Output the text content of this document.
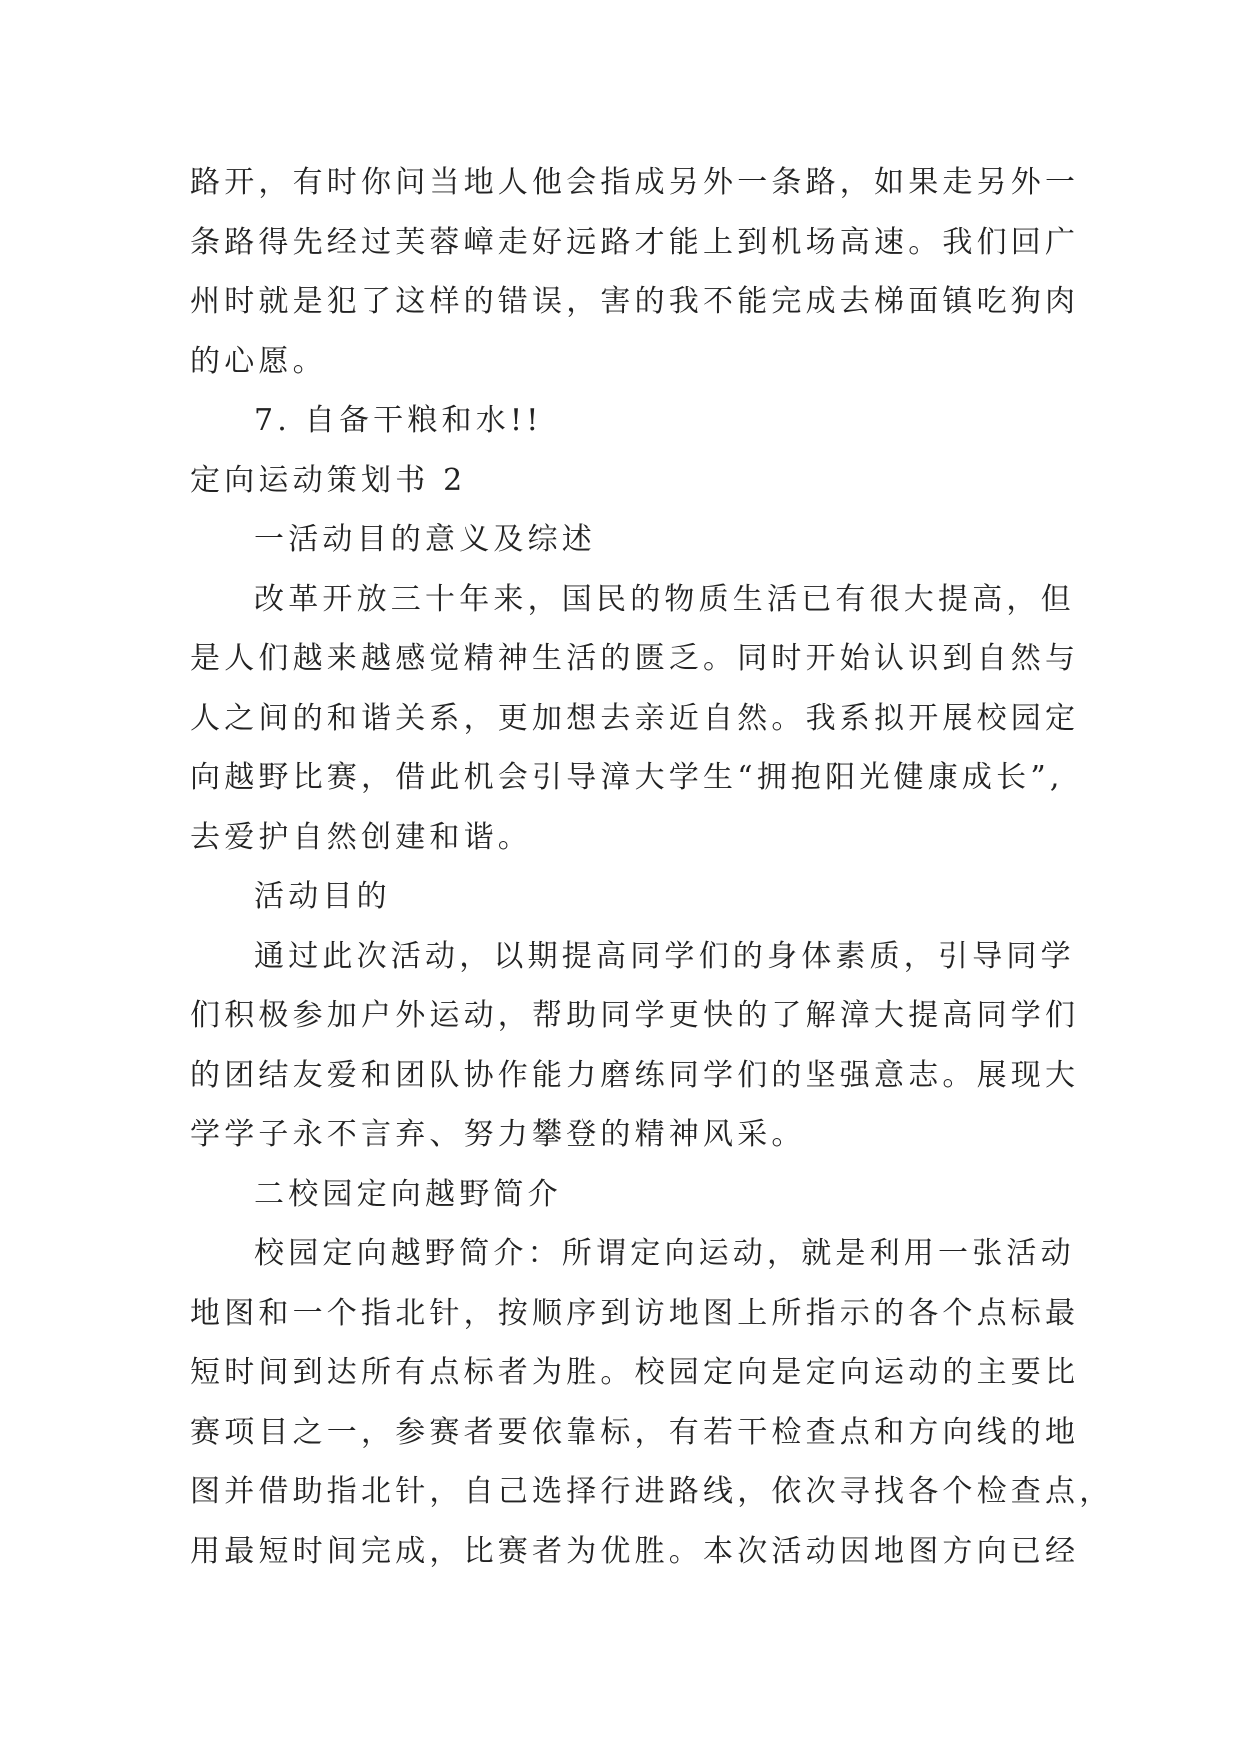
路开，有时你问当地人他会指成另外一条路，如果走另外一
条路得先经过芙蓉嶂走好远路才能上到机场高速。我们回广
州时就是犯了这样的错误，害的我不能完成去梯面镇吃狗肉
的心愿。
7. 自备干粮和水!!
定向运动策划书 2
一活动目的意义及综述
改革开放三十年来，国民的物质生活已有很大提高，但
是人们越来越感觉精神生活的匮乏。同时开始认识到自然与
人之间的和谐关系，更加想去亲近自然。我系拟开展校园定
向越野比赛，借此机会引导漳大学生“拥抱阳光健康成长”,
去爱护自然创建和谐。
活动目的
通过此次活动，以期提高同学们的身体素质，引导同学
们积极参加户外运动，帮助同学更快的了解漳大提高同学们
的团结友爱和团队协作能力磨练同学们的坚强意志。展现大
学学子永不言弃、努力攀登的精神风采。
二校园定向越野简介
校园定向越野简介：所谓定向运动，就是利用一张活动
地图和一个指北针，按顺序到访地图上所指示的各个点标最
短时间到达所有点标者为胜。校园定向是定向运动的主要比
赛项目之一，参赛者要依靠标，有若干检查点和方向线的地
图并借助指北针，自己选择行进路线，依次寻找各个检查点，
用最短时间完成，比赛者为优胜。本次活动因地图方向已经
